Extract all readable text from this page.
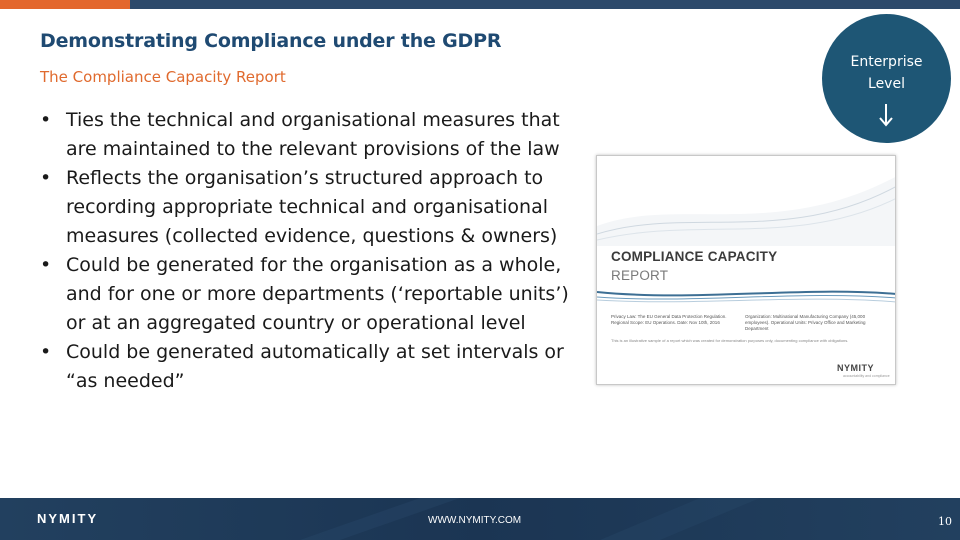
Demonstrating Compliance under the GDPR
The Compliance Capacity Report
• Ties the technical and organisational measures that are maintained to the relevant provisions of the law
• Reflects the organisation’s structured approach to recording appropriate technical and organisational measures (collected evidence, questions & owners)
• Could be generated for the organisation as a whole, and for one or more departments (‘reportable units’) or at an aggregated country or operational level
• Could be generated automatically at set intervals or “as needed”
Enterprise
Level
COMPLIANCE CAPACITY
REPORT
Privacy Law: The EU General Data Protection Regulation. Regional Scope: EU Operations. Date: Nov 10th, 2016
Organization: Multinational Manufacturing Company (45,000 employees). Operational Units: Privacy Office and Marketing Department
This is an illustrative sample of a report which was created for demonstration purposes only, documenting compliance with obligations.
NYMITY
accountability and compliance
NYMITY	WWW.NYMITY.COM	10
